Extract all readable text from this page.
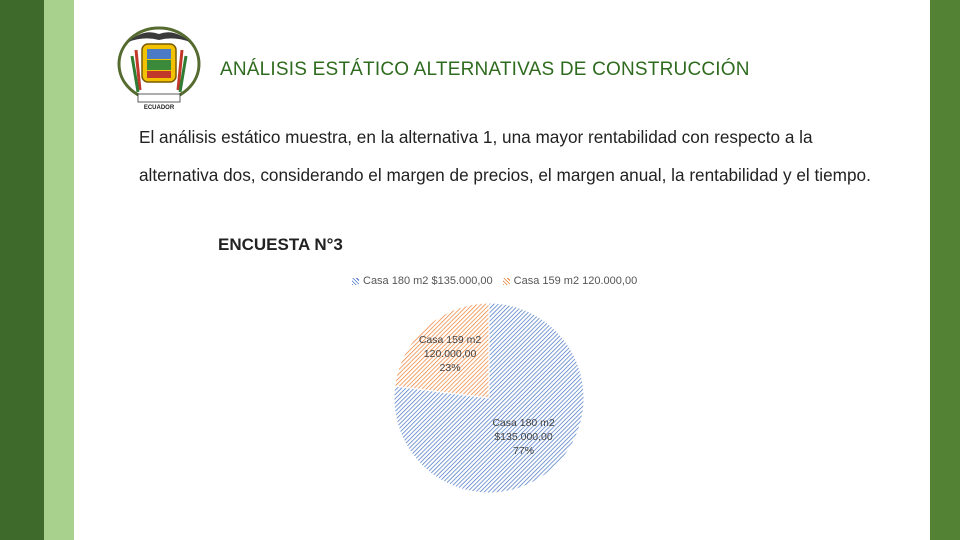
ECUADOR
ANÁLISIS ESTÁTICO ALTERNATIVAS DE CONSTRUCCIÓN
El análisis estático muestra, en la alternativa 1, una mayor rentabilidad con respecto a la alternativa dos, considerando el margen de precios, el margen anual, la rentabilidad y el tiempo.
ENCUESTA N°3
Casa 180 m2 $135.000,00 Casa 159 m2 120.000,00
Casa 180 m2
$135.000,00
77%
Casa 159 m2
120.000,00
23%
